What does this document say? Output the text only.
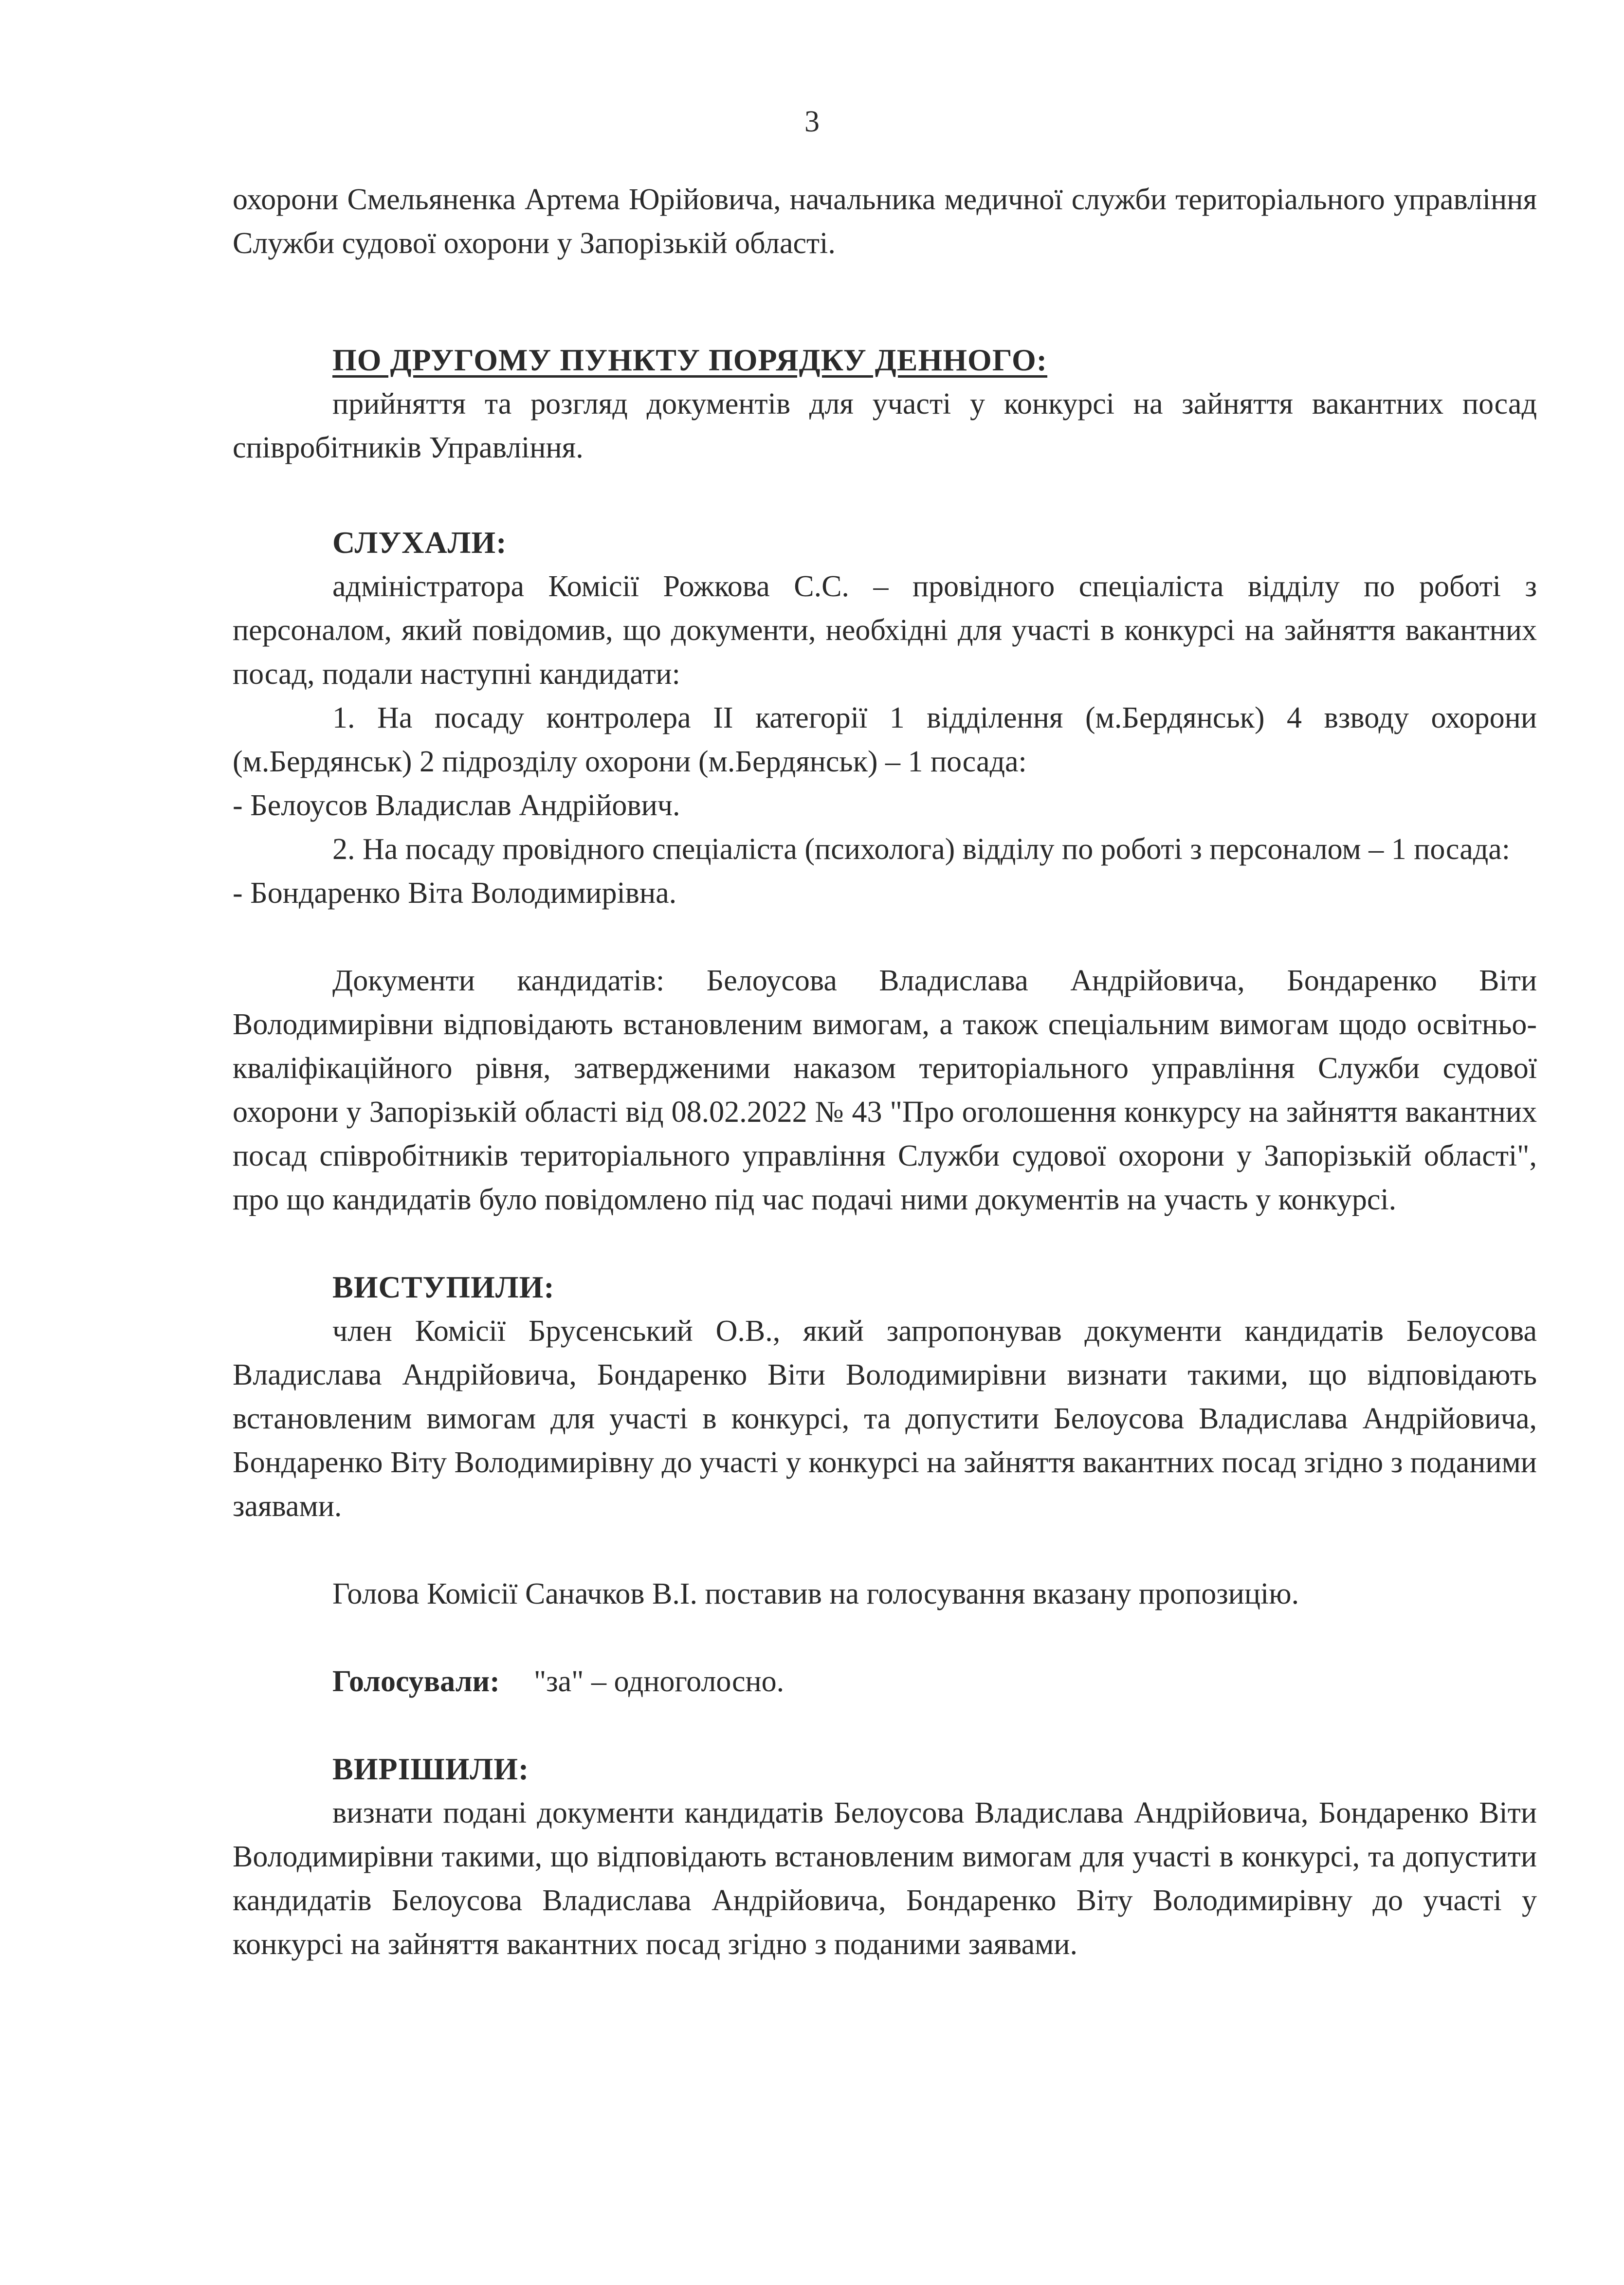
3

охорони Смельяненка Артема Юрійовича, начальника медичної служби територіального управління Служби судової охорони у Запорізькій області.

ПО ДРУГОМУ ПУНКТУ ПОРЯДКУ ДЕННОГО:

прийняття та розгляд документів для участі у конкурсі на зайняття вакантних посад співробітників Управління.

СЛУХАЛИ:

адміністратора Комісії Рожкова С.С. – провідного спеціаліста відділу по роботі з персоналом, який повідомив, що документи, необхідні для участі в конкурсі на зайняття вакантних посад, подали наступні кандидати:

1. На посаду контролера ІІ категорії 1 відділення (м.Бердянськ) 4 взводу охорони (м.Бердянськ) 2 підрозділу охорони (м.Бердянськ) – 1 посада:

- Белоусов Владислав Андрійович.

2. На посаду провідного спеціаліста (психолога) відділу по роботі з персоналом – 1 посада:

- Бондаренко Віта Володимирівна.

Документи кандидатів: Белоусова Владислава Андрійовича, Бондаренко Віти Володимирівни відповідають встановленим вимогам, а також спеціальним вимогам щодо освітньо-кваліфікаційного рівня, затвердженими наказом територіального управління Служби судової охорони у Запорізькій області від 08.02.2022 № 43 "Про оголошення конкурсу на зайняття вакантних посад співробітників територіального управління Служби судової охорони у Запорізькій області", про що кандидатів було повідомлено під час подачі ними документів на участь у конкурсі.

ВИСТУПИЛИ:

член Комісії Брусенський О.В., який запропонував документи кандидатів Белоусова Владислава Андрійовича, Бондаренко Віти Володимирівни визнати такими, що відповідають встановленим вимогам для участі в конкурсі, та допустити Белоусова Владислава Андрійовича, Бондаренко Віту Володимирівну до участі у конкурсі на зайняття вакантних посад згідно з поданими заявами.

Голова Комісії Саначков В.І. поставив на голосування вказану пропозицію.

Голосували: "за" – одноголосно.

ВИРІШИЛИ:

визнати подані документи кандидатів Белоусова Владислава Андрійовича, Бондаренко Віти Володимирівни такими, що відповідають встановленим вимогам для участі в конкурсі, та допустити кандидатів Белоусова Владислава Андрійовича, Бондаренко Віту Володимирівну до участі у конкурсі на зайняття вакантних посад згідно з поданими заявами.
